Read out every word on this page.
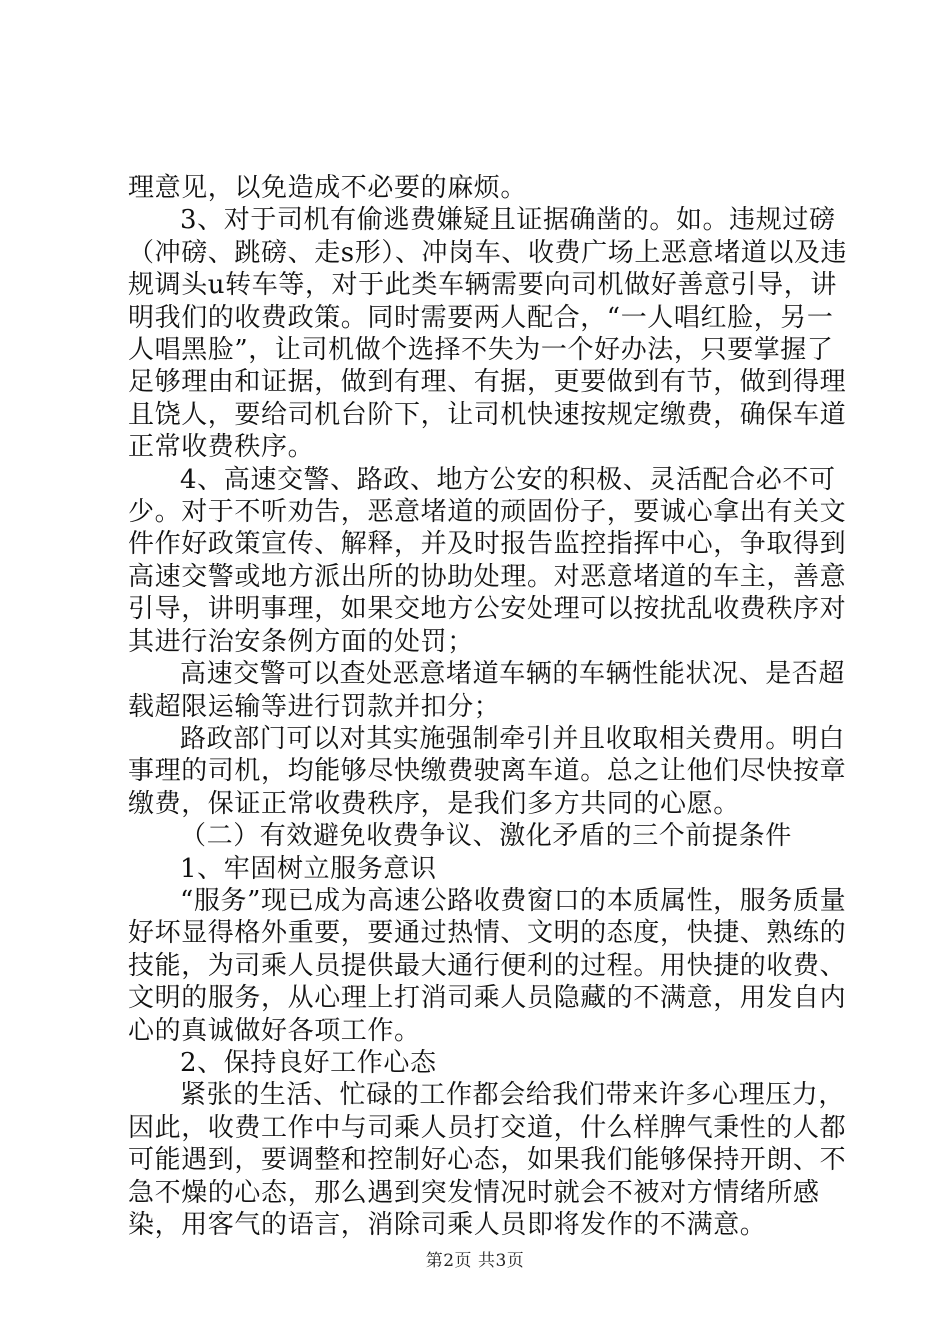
理意见，以免造成不必要的麻烦。

3、对于司机有偷逃费嫌疑且证据确凿的。如。违规过磅（冲磅、跳磅、走s形）、冲岗车、收费广场上恶意堵道以及违规调头u转车等，对于此类车辆需要向司机做好善意引导，讲明我们的收费政策。同时需要两人配合，“一人唱红脸，另一人唱黑脸”，让司机做个选择不失为一个好办法，只要掌握了足够理由和证据，做到有理、有据，更要做到有节，做到得理且饶人，要给司机台阶下，让司机快速按规定缴费，确保车道正常收费秩序。

4、高速交警、路政、地方公安的积极、灵活配合必不可少。对于不听劝告，恶意堵道的顽固份子，要诚心拿出有关文件作好政策宣传、解释，并及时报告监控指挥中心，争取得到高速交警或地方派出所的协助处理。对恶意堵道的车主，善意引导，讲明事理，如果交地方公安处理可以按扰乱收费秩序对其进行治安条例方面的处罚；

高速交警可以查处恶意堵道车辆的车辆性能状况、是否超载超限运输等进行罚款并扣分；

路政部门可以对其实施强制牵引并且收取相关费用。明白事理的司机，均能够尽快缴费驶离车道。总之让他们尽快按章缴费，保证正常收费秩序，是我们多方共同的心愿。

（二）有效避免收费争议、激化矛盾的三个前提条件

1、牢固树立服务意识

“服务”现已成为高速公路收费窗口的本质属性，服务质量好坏显得格外重要，要通过热情、文明的态度，快捷、熟练的技能，为司乘人员提供最大通行便利的过程。用快捷的收费、文明的服务，从心理上打消司乘人员隐藏的不满意，用发自内心的真诚做好各项工作。

2、保持良好工作心态

紧张的生活、忙碌的工作都会给我们带来许多心理压力，因此，收费工作中与司乘人员打交道，什么样脾气秉性的人都可能遇到，要调整和控制好心态，如果我们能够保持开朗、不急不燥的心态，那么遇到突发情况时就会不被对方情绪所感染，用客气的语言，消除司乘人员即将发作的不满意。

第2页 共3页
